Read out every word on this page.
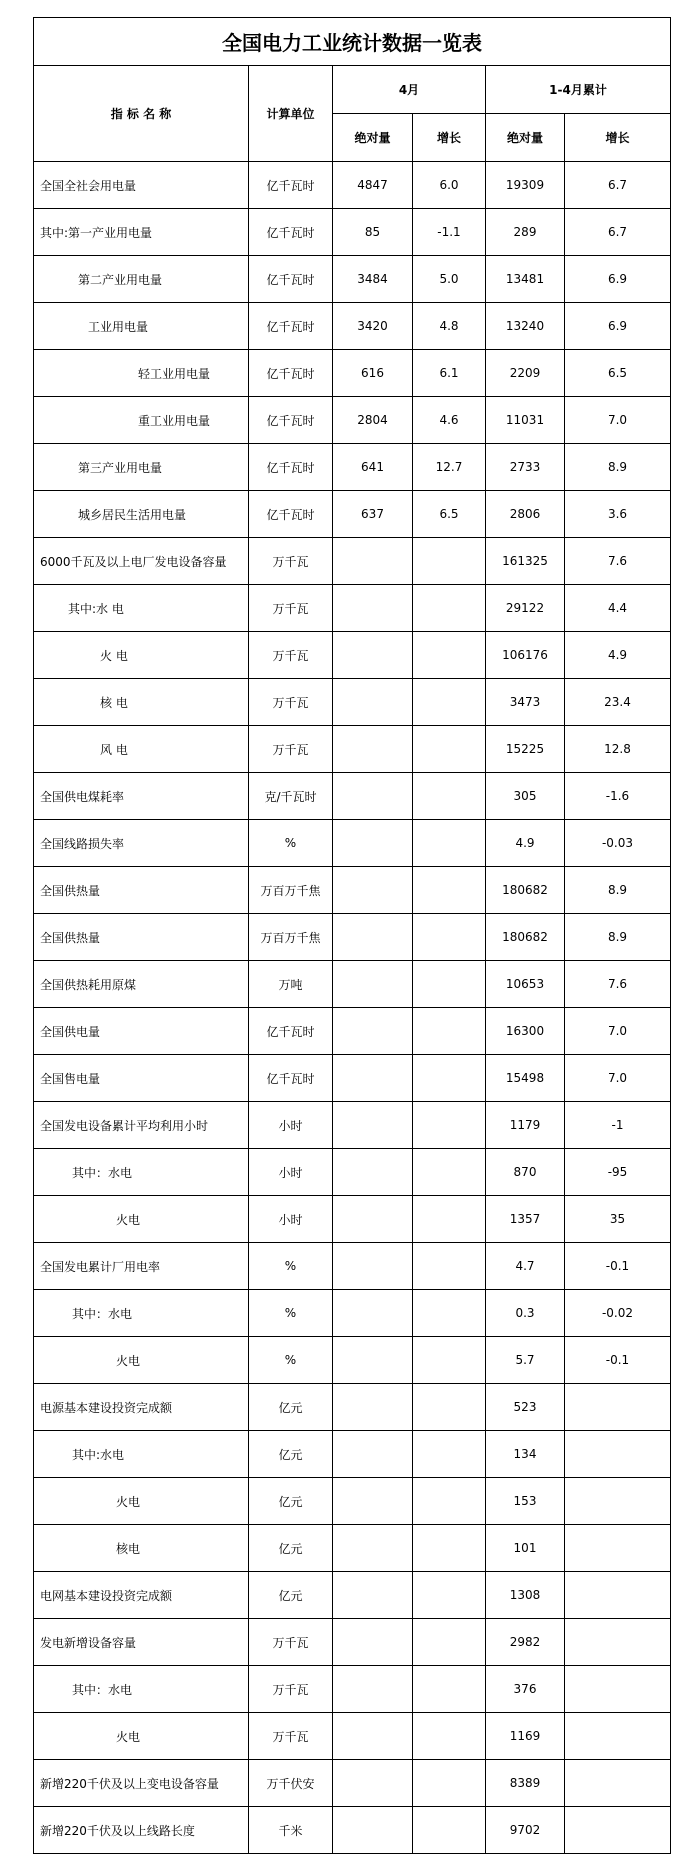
全国电力工业统计数据一览表					
指 标 名 称	计算单位	4月		1-4月累计	
		绝对量	增长	绝对量	增长
全国全社会用电量	亿千瓦时	4847	6.0	19309	6.7
其中:第一产业用电量	亿千瓦时	85	-1.1	289	6.7
第二产业用电量	亿千瓦时	3484	5.0	13481	6.9
工业用电量	亿千瓦时	3420	4.8	13240	6.9
轻工业用电量	亿千瓦时	616	6.1	2209	6.5
重工业用电量	亿千瓦时	2804	4.6	11031	7.0
第三产业用电量	亿千瓦时	641	12.7	2733	8.9
城乡居民生活用电量	亿千瓦时	637	6.5	2806	3.6
6000千瓦及以上电厂发电设备容量	万千瓦			161325	7.6
其中:水 电	万千瓦			29122	4.4
火 电	万千瓦			106176	4.9
核 电	万千瓦			3473	23.4
风 电	万千瓦			15225	12.8
全国供电煤耗率	克/千瓦时			305	-1.6
全国线路损失率	%			4.9	-0.03
全国供热量	万百万千焦			180682	8.9
全国供热量	万百万千焦			180682	8.9
全国供热耗用原煤	万吨			10653	7.6
全国供电量	亿千瓦时			16300	7.0
全国售电量	亿千瓦时			15498	7.0
全国发电设备累计平均利用小时	小时			1179	-1
其中：水电	小时			870	-95
火电	小时			1357	35
全国发电累计厂用电率	%			4.7	-0.1
其中：水电	%			0.3	-0.02
火电	%			5.7	-0.1
电源基本建设投资完成额	亿元			523	
其中:水电	亿元			134	
火电	亿元			153	
核电	亿元			101	
电网基本建设投资完成额	亿元			1308	
发电新增设备容量	万千瓦			2982	
其中：水电	万千瓦			376	
火电	万千瓦			1169	
新增220千伏及以上变电设备容量	万千伏安			8389	
新增220千伏及以上线路长度	千米			9702	
